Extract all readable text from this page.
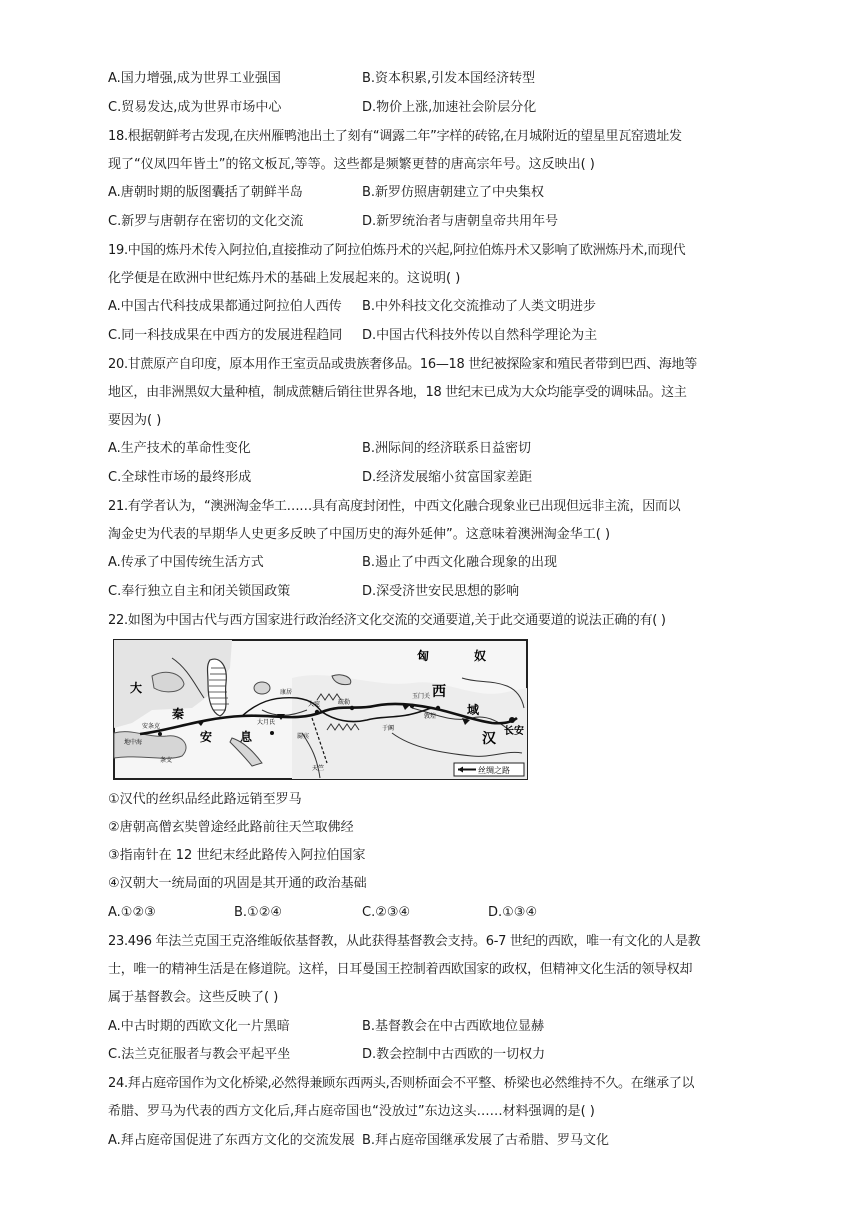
A.国力增强,成为世界工业强国	B.资本积累,引发本国经济转型
C.贸易发达,成为世界市场中心	D.物价上涨,加速社会阶层分化
18.根据朝鲜考古发现,在庆州雁鸭池出土了刻有“调露二年”字样的砖铭,在月城附近的望星里瓦窑遗址发
现了“仪凤四年皆土”的铭文板瓦,等等。这些都是频繁更替的唐高宗年号。这反映出( )
A.唐朝时期的版图囊括了朝鲜半岛	B.新罗仿照唐朝建立了中央集权
C.新罗与唐朝存在密切的文化交流	D.新罗统治者与唐朝皇帝共用年号
19.中国的炼丹术传入阿拉伯,直接推动了阿拉伯炼丹术的兴起,阿拉伯炼丹术又影响了欧洲炼丹术,而现代
化学便是在欧洲中世纪炼丹术的基础上发展起来的。这说明( )
A.中国古代科技成果都通过阿拉伯人西传 B.中外科技文化交流推动了人类文明进步
C.同一科技成果在中西方的发展进程趋同 D.中国古代科技外传以自然科学理论为主
20.甘蔗原产自印度，原本用作王室贡品或贵族奢侈品。16—18 世纪被探险家和殖民者带到巴西、海地等
地区，由非洲黑奴大量种植，制成蔗糖后销往世界各地，18 世纪末已成为大众均能享受的调味品。这主
要因为( )
A.生产技术的革命性变化	B.洲际间的经济联系日益密切
C.全球性市场的最终形成	D.经济发展缩小贫富国家差距
21.有学者认为，“澳洲淘金华工……具有高度封闭性，中西文化融合现象业已出现但远非主流，因而以
淘金史为代表的早期华人史更多反映了中国历史的海外延伸”。这意味着澳洲淘金华工( )
A.传承了中国传统生活方式	B.遏止了中西文化融合现象的出现
C.奉行独立自主和闭关锁国政策	D.深受济世安民思想的影响
22.如图为中国古代与西方国家进行政治经济文化交流的交通要道,关于此交通要道的说法正确的有( )
匈	奴
西
域
大
秦
安 息	汉 长安
丝绸之路
康居
大宛
大月氏
疏勒
于阗
玉门关
敦煌
罽宾
条支
地中海
安条克
天竺
①汉代的丝织品经此路远销至罗马
②唐朝高僧玄奘曾途经此路前往天竺取佛经
③指南针在 12 世纪末经此路传入阿拉伯国家
④汉朝大一统局面的巩固是其开通的政治基础
A.①②③	B.①②④	C.②③④	D.①③④
23.496 年法兰克国王克洛维皈依基督教，从此获得基督教会支持。6-7 世纪的西欧，唯一有文化的人是教
士，唯一的精神生活是在修道院。这样，日耳曼国王控制着西欧国家的政权，但精神文化生活的领导权却
属于基督教会。这些反映了( )
A.中古时期的西欧文化一片黑暗	B.基督教会在中古西欧地位显赫
C.法兰克征服者与教会平起平坐	D.教会控制中古西欧的一切权力
24.拜占庭帝国作为文化桥梁,必然得兼顾东西两头,否则桥面会不平整、桥梁也必然维持不久。在继承了以
希腊、罗马为代表的西方文化后,拜占庭帝国也“没放过”东边这头……材料强调的是( )
A.拜占庭帝国促进了东西方文化的交流发展 B.拜占庭帝国继承发展了古希腊、罗马文化
